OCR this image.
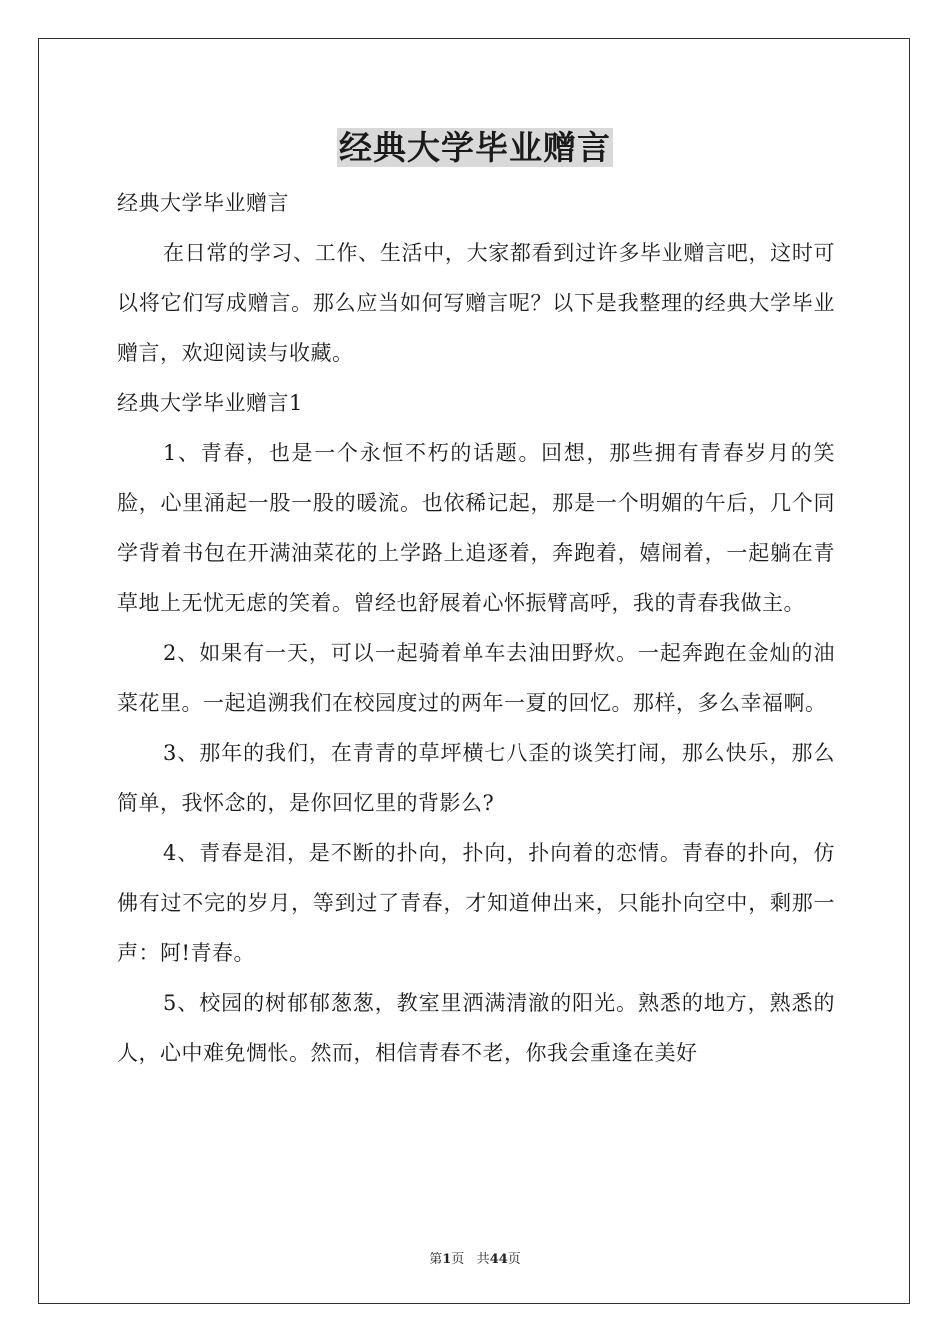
经典大学毕业赠言

经典大学毕业赠言

在日常的学习、工作、生活中，大家都看到过许多毕业赠言吧，这时可以将它们写成赠言。那么应当如何写赠言呢？以下是我整理的经典大学毕业赠言，欢迎阅读与收藏。

经典大学毕业赠言1

1、青春，也是一个永恒不朽的话题。回想，那些拥有青春岁月的笑脸，心里涌起一股一股的暖流。也依稀记起，那是一个明媚的午后，几个同学背着书包在开满油菜花的上学路上追逐着，奔跑着，嬉闹着，一起躺在青草地上无忧无虑的笑着。曾经也舒展着心怀振臂高呼，我的青春我做主。

2、如果有一天，可以一起骑着单车去油田野炊。一起奔跑在金灿的油菜花里。一起追溯我们在校园度过的两年一夏的回忆。那样，多么幸福啊。

3、那年的我们，在青青的草坪横七八歪的谈笑打闹，那么快乐，那么简单，我怀念的，是你回忆里的背影么?

4、青春是泪，是不断的扑向，扑向，扑向着的恋情。青春的扑向，仿佛有过不完的岁月，等到过了青春，才知道伸出来，只能扑向空中，剩那一声：阿!青春。

5、校园的树郁郁葱葱，教室里洒满清澈的阳光。熟悉的地方，熟悉的人，心中难免惆怅。然而，相信青春不老，你我会重逢在美好

第1页 共44页
